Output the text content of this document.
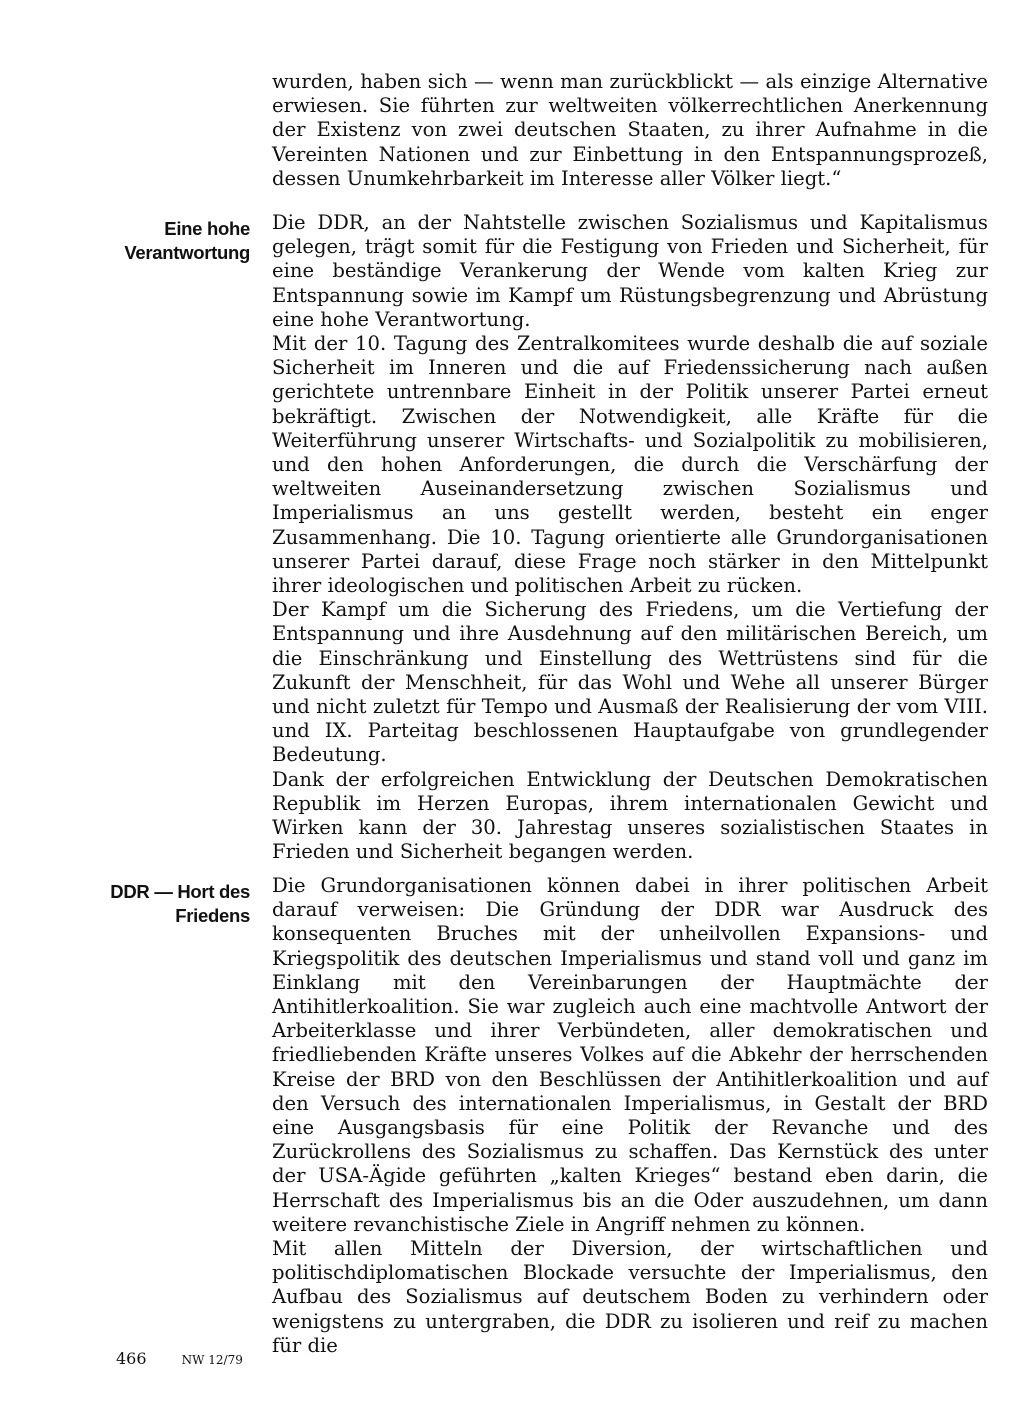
wurden, haben sich — wenn man zurückblickt — als einzige Alternative erwiesen. Sie führten zur weltweiten völkerrechtlichen Anerkennung der Existenz von zwei deutschen Staaten, zu ihrer Aufnahme in die Vereinten Nationen und zur Einbettung in den Entspannungsprozeß, dessen Unumkehrbarkeit im Interesse aller Völker liegt.“

Eine hohe
Verantwortung

Die DDR, an der Nahtstelle zwischen Sozialismus und Kapitalismus gelegen, trägt somit für die Festigung von Frieden und Sicherheit, für eine beständige Verankerung der Wende vom kalten Krieg zur Entspannung sowie im Kampf um Rüstungsbegrenzung und Abrüstung eine hohe Verantwortung.

Mit der 10. Tagung des Zentralkomitees wurde deshalb die auf soziale Sicherheit im Inneren und die auf Friedenssicherung nach außen gerichtete untrennbare Einheit in der Politik unserer Partei erneut bekräftigt. Zwischen der Notwendigkeit, alle Kräfte für die Weiterführung unserer Wirtschafts- und Sozialpolitik zu mobilisieren, und den hohen Anforderungen, die durch die Verschärfung der weltweiten Auseinandersetzung zwischen Sozialismus und Imperialismus an uns gestellt werden, besteht ein enger Zusammenhang. Die 10. Tagung orientierte alle Grundorganisationen unserer Partei darauf, diese Frage noch stärker in den Mittelpunkt ihrer ideologischen und politischen Arbeit zu rücken.

Der Kampf um die Sicherung des Friedens, um die Vertiefung der Entspannung und ihre Ausdehnung auf den militärischen Bereich, um die Einschränkung und Einstellung des Wettrüstens sind für die Zukunft der Menschheit, für das Wohl und Wehe all unserer Bürger und nicht zuletzt für Tempo und Ausmaß der Realisierung der vom VIII. und IX. Parteitag beschlossenen Hauptaufgabe von grundlegender Bedeutung.

Dank der erfolgreichen Entwicklung der Deutschen Demokratischen Republik im Herzen Europas, ihrem internationalen Gewicht und Wirken kann der 30. Jahrestag unseres sozialistischen Staates in Frieden und Sicherheit begangen werden.

DDR — Hort des
Friedens

Die Grundorganisationen können dabei in ihrer politischen Arbeit darauf verweisen: Die Gründung der DDR war Ausdruck des konsequenten Bruches mit der unheilvollen Expansions- und Kriegspolitik des deutschen Imperialismus und stand voll und ganz im Einklang mit den Vereinbarungen der Hauptmächte der Antihitlerkoalition. Sie war zugleich auch eine machtvolle Antwort der Arbeiterklasse und ihrer Verbündeten, aller demokratischen und friedliebenden Kräfte unseres Volkes auf die Abkehr der herrschenden Kreise der BRD von den Beschlüssen der Antihitlerkoalition und auf den Versuch des internationalen Imperialismus, in Gestalt der BRD eine Ausgangsbasis für eine Politik der Revanche und des Zurückrollens des Sozialismus zu schaffen. Das Kernstück des unter der USA-Ägide geführten „kalten Krieges“ bestand eben darin, die Herrschaft des Imperialismus bis an die Oder auszudehnen, um dann weitere revanchistische Ziele in Angriff nehmen zu können.

Mit allen Mitteln der Diversion, der wirtschaftlichen und politischdiplomatischen Blockade versuchte der Imperialismus, den Aufbau des Sozialismus auf deutschem Boden zu verhindern oder wenigstens zu untergraben, die DDR zu isolieren und reif zu machen für die

466	NW 12/79
